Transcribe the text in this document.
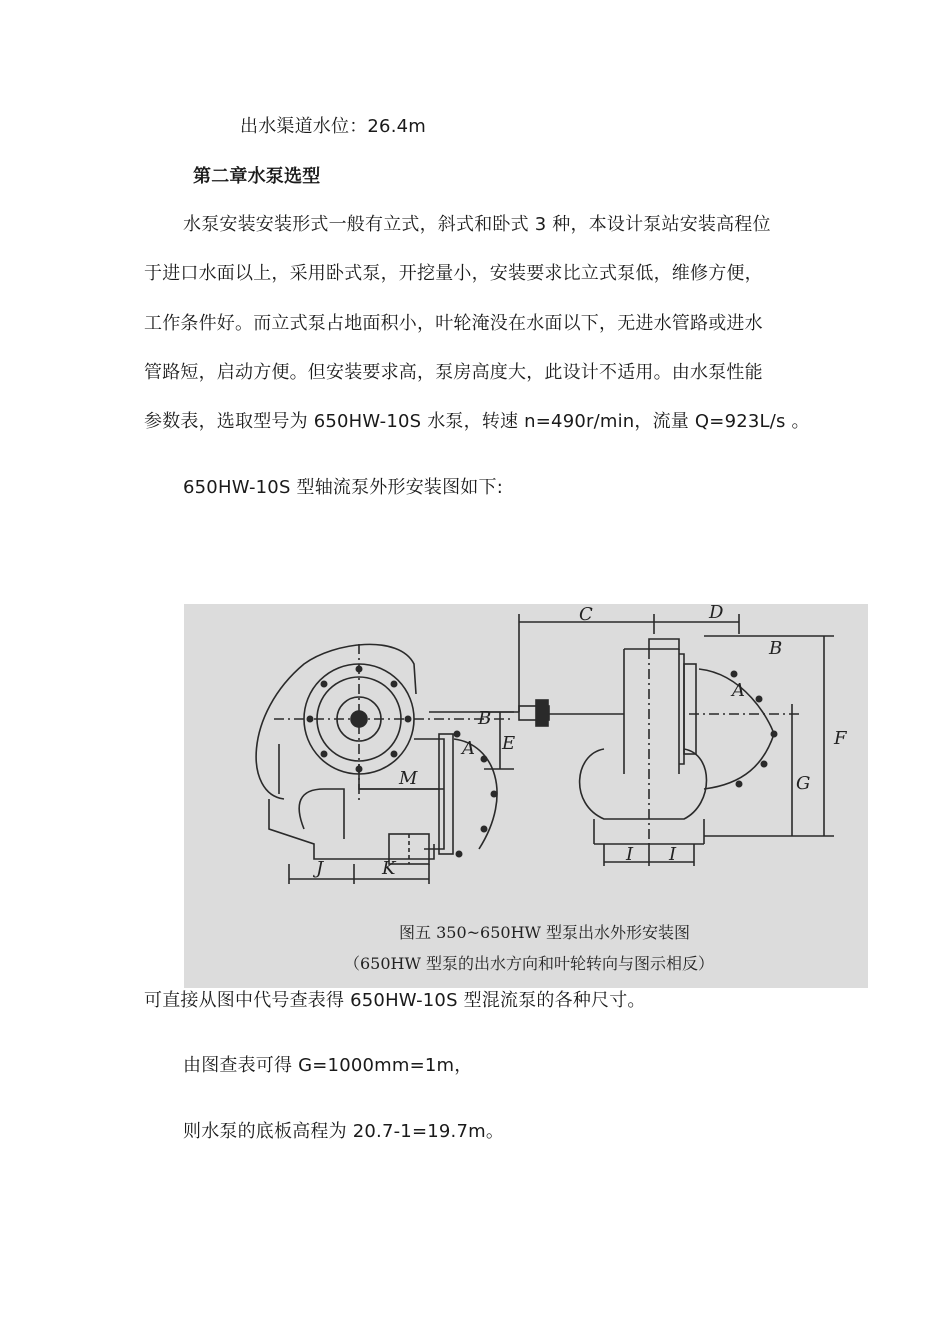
出水渠道水位：26.4m
第二章水泵选型
水泵安装安装形式一般有立式，斜式和卧式 3 种，本设计泵站安装高程位
于进口水面以上，采用卧式泵，开挖量小，安装要求比立式泵低，维修方便，
工作条件好。而立式泵占地面积小，叶轮淹没在水面以下，无进水管路或进水
管路短，启动方便。但安装要求高，泵房高度大，此设计不适用。由水泵性能
参数表，选取型号为 650HW-10S 水泵，转速 n=490r/min，流量 Q=923L/s 。
650HW-10S 型轴流泵外形安装图如下:
C	D
B
E
A
M
J	K
B
A
F
G
I I
图五 350~650HW 型泵出水外形安装图
（650HW 型泵的出水方向和叶轮转向与图示相反）
可直接从图中代号查表得 650HW-10S 型混流泵的各种尺寸。
由图查表可得 G=1000mm=1m，
则水泵的底板高程为 20.7-1=19.7m。
